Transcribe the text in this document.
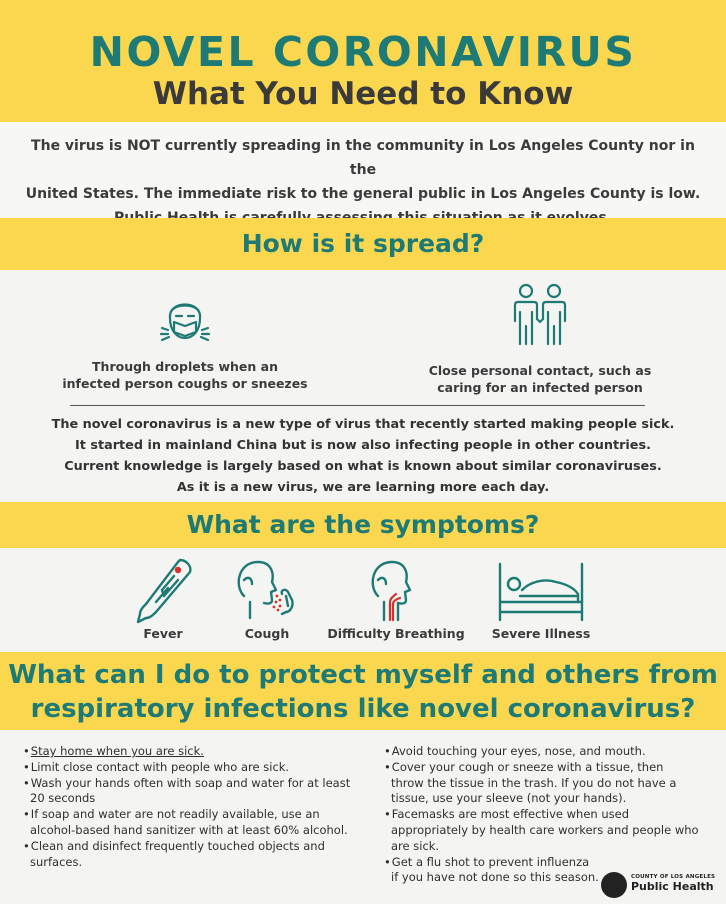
NOVEL CORONAVIRUS
What You Need to Know

The virus is NOT currently spreading in the community in Los Angeles County nor in the

United States. The immediate risk to the general public in Los Angeles County is low.

How is it spread?
Through droplets when an
infected person coughs or sneezes
Close personal contact, such as
caring for an infected person

The novel coronavirus is a new type of virus that recently started making people sick.

It started in mainland China but is now also infecting people in other countries.

Current knowledge is largely based on what is known about similar coronaviruses.

As it is a new virus, we are learning more each day.

What are the symptoms?
Fever	Cough	Difficulty Breathing	Severe Illness
What can I do to protect myself and others from
respiratory infections like novel coronavirus?
• Stay home when you are sick.
• Limit close contact with people who are sick.
• Wash your hands often with soap and water for at least 20 seconds
• If soap and water are not readily available, use an alcohol-based hand sanitizer with at least 60% alcohol.
• Clean and disinfect frequently touched objects and surfaces.
• Avoid touching your eyes, nose, and mouth.
• Cover your cough or sneeze with a tissue, then throw the tissue in the trash. If you do not have a tissue, use your sleeve (not your hands).
• Facemasks are most effective when used appropriately by health care workers and people who are sick.
• Get a flu shot to prevent influenza if you have not done so this season.	COUNTY OF LOS ANGELES
Public Health
